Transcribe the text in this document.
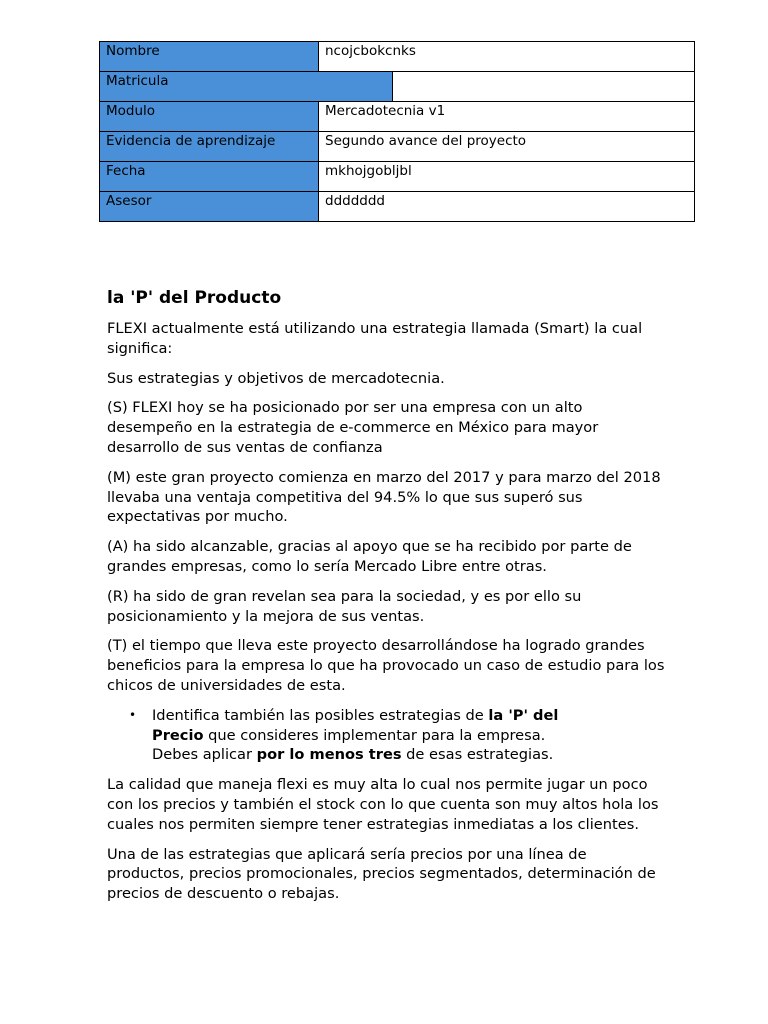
Nombre	ncojcbokcnks
Matricula

Modulo	Mercadotecnia v1
Evidencia de aprendizaje	Segundo avance del proyecto
Fecha	mkhojgobljbl
Asesor	ddddddd
la 'P' del Producto

FLEXI actualmente está utilizando una estrategia llamada (Smart) la cual significa:

Sus estrategias y objetivos de mercadotecnia.

(S) FLEXI hoy se ha posicionado por ser una empresa con un alto desempeño en la estrategia de e-commerce en México para mayor desarrollo de sus ventas de confianza

(M) este gran proyecto comienza en marzo del 2017 y para marzo del 2018 llevaba una ventaja competitiva del 94.5% lo que sus superó sus expectativas por mucho.

(A) ha sido alcanzable, gracias al apoyo que se ha recibido por parte de grandes empresas, como lo sería Mercado Libre entre otras.

(R) ha sido de gran revelan sea para la sociedad, y es por ello su posicionamiento y la mejora de sus ventas.

(T) el tiempo que lleva este proyecto desarrollándose ha logrado grandes beneficios para la empresa lo que ha provocado un caso de estudio para los chicos de universidades de esta.

• Identifica también las posibles estrategias de la 'P' del Precio que consideres implementar para la empresa.
Debes aplicar por lo menos tres de esas estrategias.

La calidad que maneja flexi es muy alta lo cual nos permite jugar un poco con los precios y también el stock con lo que cuenta son muy altos hola los cuales nos permiten siempre tener estrategias inmediatas a los clientes.

Una de las estrategias que aplicará sería precios por una línea de productos, precios promocionales, precios segmentados, determinación de precios de descuento o rebajas.
